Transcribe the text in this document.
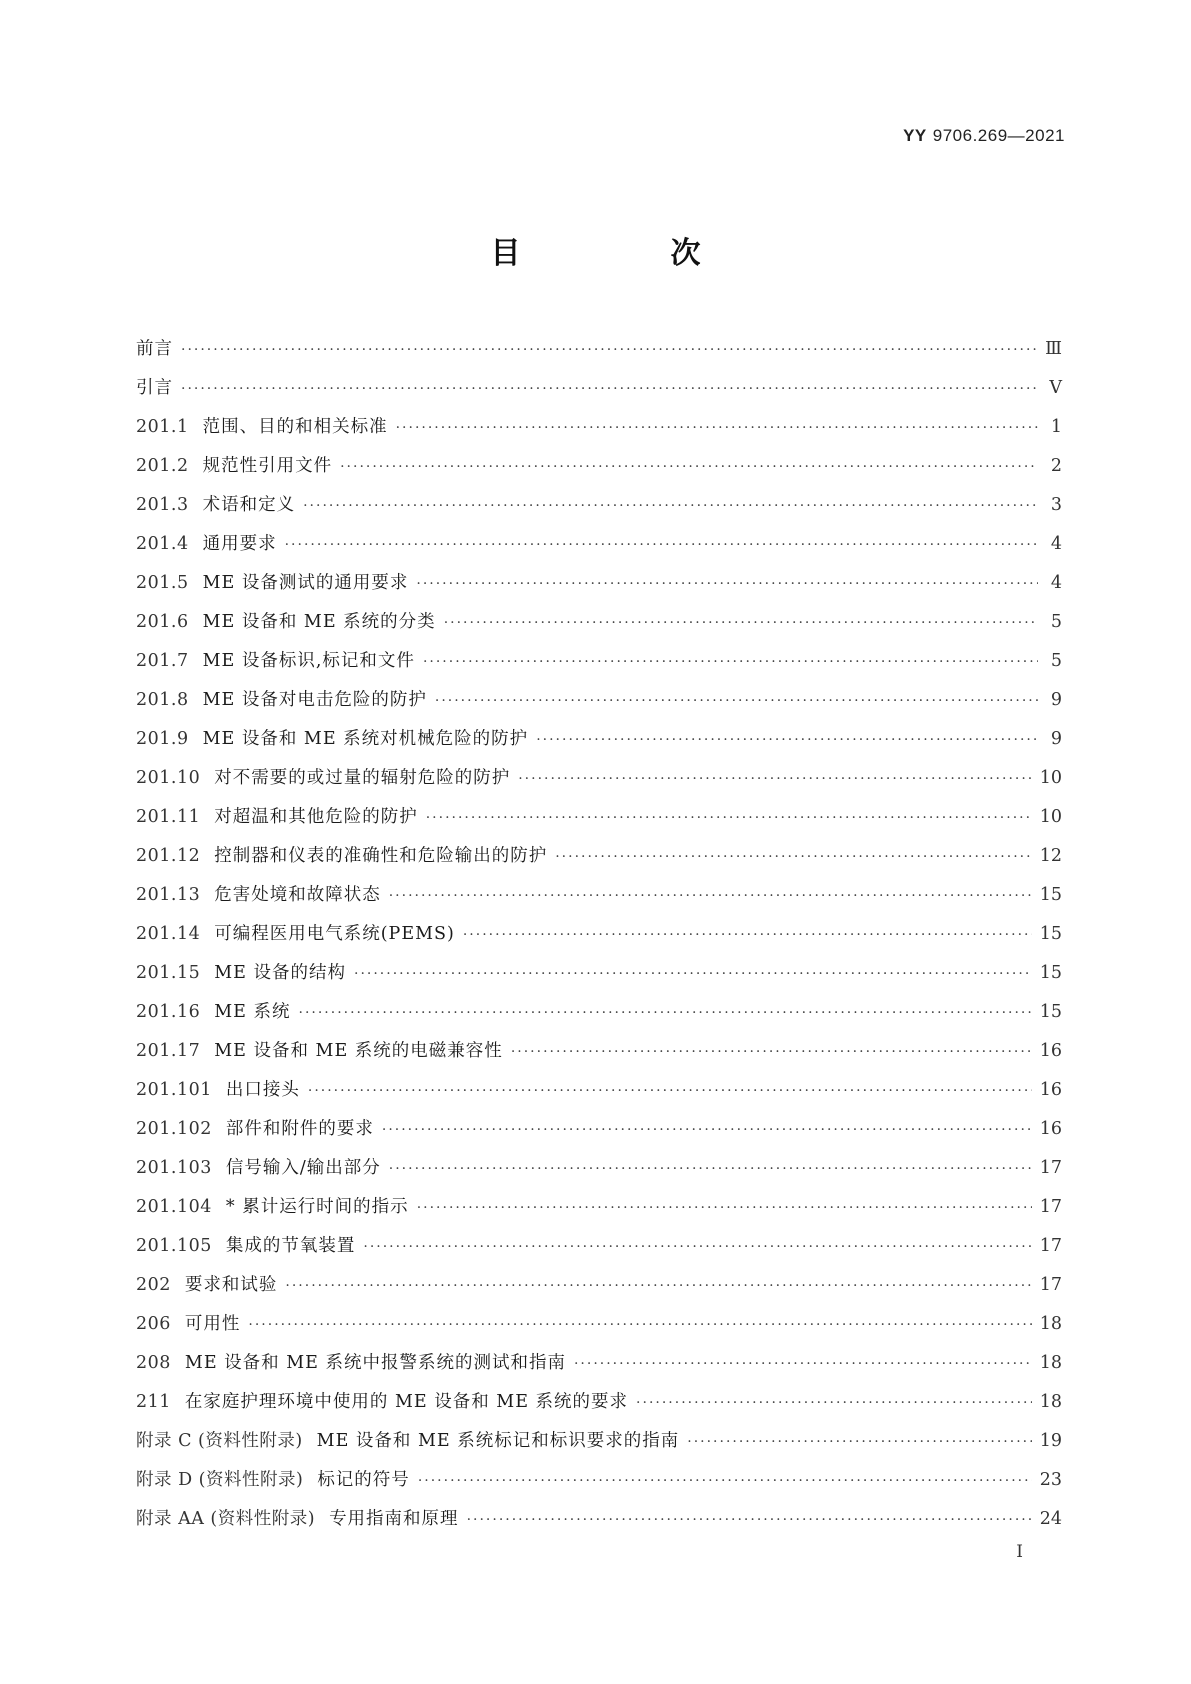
YY 9706.269—2021
目　次
前言 ·····	Ⅲ
引言 ·····	Ⅴ
201.1 范围、目的和相关标准 ·····	1
201.2 规范性引用文件 ·····	2
201.3 术语和定义 ·····	3
201.4 通用要求 ·····	4
201.5 ME 设备测试的通用要求 ·····	4
201.6 ME 设备和 ME 系统的分类 ·····	5
201.7 ME 设备标识,标记和文件 ·····	5
201.8 ME 设备对电击危险的防护 ·····	9
201.9 ME 设备和 ME 系统对机械危险的防护 ·····	9
201.10 对不需要的或过量的辐射危险的防护 ·····	10
201.11 对超温和其他危险的防护 ·····	10
201.12 控制器和仪表的准确性和危险输出的防护 ·····	12
201.13 危害处境和故障状态 ·····	15
201.14 可编程医用电气系统(PEMS) ·····	15
201.15 ME 设备的结构 ·····	15
201.16 ME 系统 ·····	15
201.17 ME 设备和 ME 系统的电磁兼容性 ·····	16
201.101 出口接头 ·····	16
201.102 部件和附件的要求 ·····	16
201.103 信号输入/输出部分 ·····	17
201.104 * 累计运行时间的指示 ·····	17
201.105 集成的节氧装置 ·····	17
202 要求和试验 ·····	17
206 可用性 ·····	18
208 ME 设备和 ME 系统中报警系统的测试和指南 ·····	18
211 在家庭护理环境中使用的 ME 设备和 ME 系统的要求 ·····	18
附录 C (资料性附录) ME 设备和 ME 系统标记和标识要求的指南 ·····	19
附录 D (资料性附录) 标记的符号 ·····	23
附录 AA (资料性附录) 专用指南和原理 ·····	24
I
